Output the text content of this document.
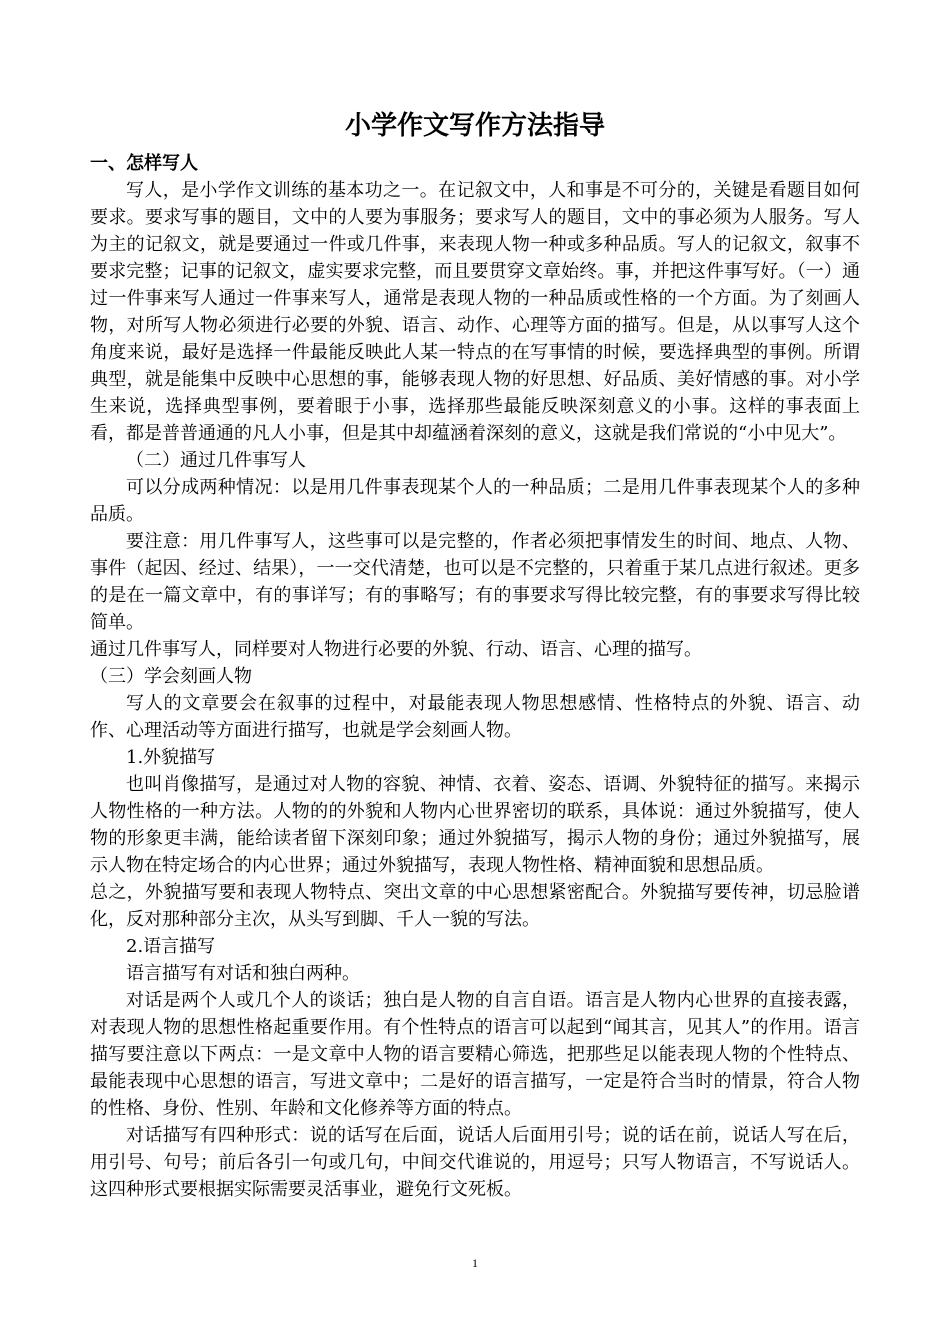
小学作文写作方法指导
一、怎样写人

写人，是小学作文训练的基本功之一。在记叙文中，人和事是不可分的，关键是看题目如何要求。要求写事的题目，文中的人要为事服务；要求写人的题目，文中的事必须为人服务。写人为主的记叙文，就是要通过一件或几件事，来表现人物一种或多种品质。写人的记叙文，叙事不要求完整；记事的记叙文，虚实要求完整，而且要贯穿文章始终。事，并把这件事写好。（一）通过一件事来写人通过一件事来写人，通常是表现人物的一种品质或性格的一个方面。为了刻画人物，对所写人物必须进行必要的外貌、语言、动作、心理等方面的描写。但是，从以事写人这个角度来说，最好是选择一件最能反映此人某一特点的在写事情的时候，要选择典型的事例。所谓典型，就是能集中反映中心思想的事，能够表现人物的好思想、好品质、美好情感的事。对小学生来说，选择典型事例，要着眼于小事，选择那些最能反映深刻意义的小事。这样的事表面上看，都是普普通通的凡人小事，但是其中却蕴涵着深刻的意义，这就是我们常说的“小中见大”。

（二）通过几件事写人

可以分成两种情况：以是用几件事表现某个人的一种品质；二是用几件事表现某个人的多种品质。

要注意：用几件事写人，这些事可以是完整的，作者必须把事情发生的时间、地点、人物、事件（起因、经过、结果），一一交代清楚，也可以是不完整的，只着重于某几点进行叙述。更多的是在一篇文章中，有的事详写；有的事略写；有的事要求写得比较完整，有的事要求写得比较简单。

通过几件事写人，同样要对人物进行必要的外貌、行动、语言、心理的描写。

（三）学会刻画人物

写人的文章要会在叙事的过程中，对最能表现人物思想感情、性格特点的外貌、语言、动作、心理活动等方面进行描写，也就是学会刻画人物。

1.外貌描写

也叫肖像描写，是通过对人物的容貌、神情、衣着、姿态、语调、外貌特征的描写。来揭示人物性格的一种方法。人物的的外貌和人物内心世界密切的联系，具体说：通过外貌描写，使人物的形象更丰满，能给读者留下深刻印象；通过外貌描写，揭示人物的身份；通过外貌描写，展示人物在特定场合的内心世界；通过外貌描写，表现人物性格、精神面貌和思想品质。

总之，外貌描写要和表现人物特点、突出文章的中心思想紧密配合。外貌描写要传神，切忌脸谱化，反对那种部分主次，从头写到脚、千人一貌的写法。

2.语言描写

语言描写有对话和独白两种。

对话是两个人或几个人的谈话；独白是人物的自言自语。语言是人物内心世界的直接表露，对表现人物的思想性格起重要作用。有个性特点的语言可以起到“闻其言，见其人”的作用。语言描写要注意以下两点：一是文章中人物的语言要精心筛选，把那些足以能表现人物的个性特点、最能表现中心思想的语言，写进文章中；二是好的语言描写，一定是符合当时的情景，符合人物的性格、身份、性别、年龄和文化修养等方面的特点。

对话描写有四种形式：说的话写在后面，说话人后面用引号；说的话在前，说话人写在后，用引号、句号；前后各引一句或几句，中间交代谁说的，用逗号；只写人物语言，不写说话人。这四种形式要根据实际需要灵活事业，避免行文死板。

1
